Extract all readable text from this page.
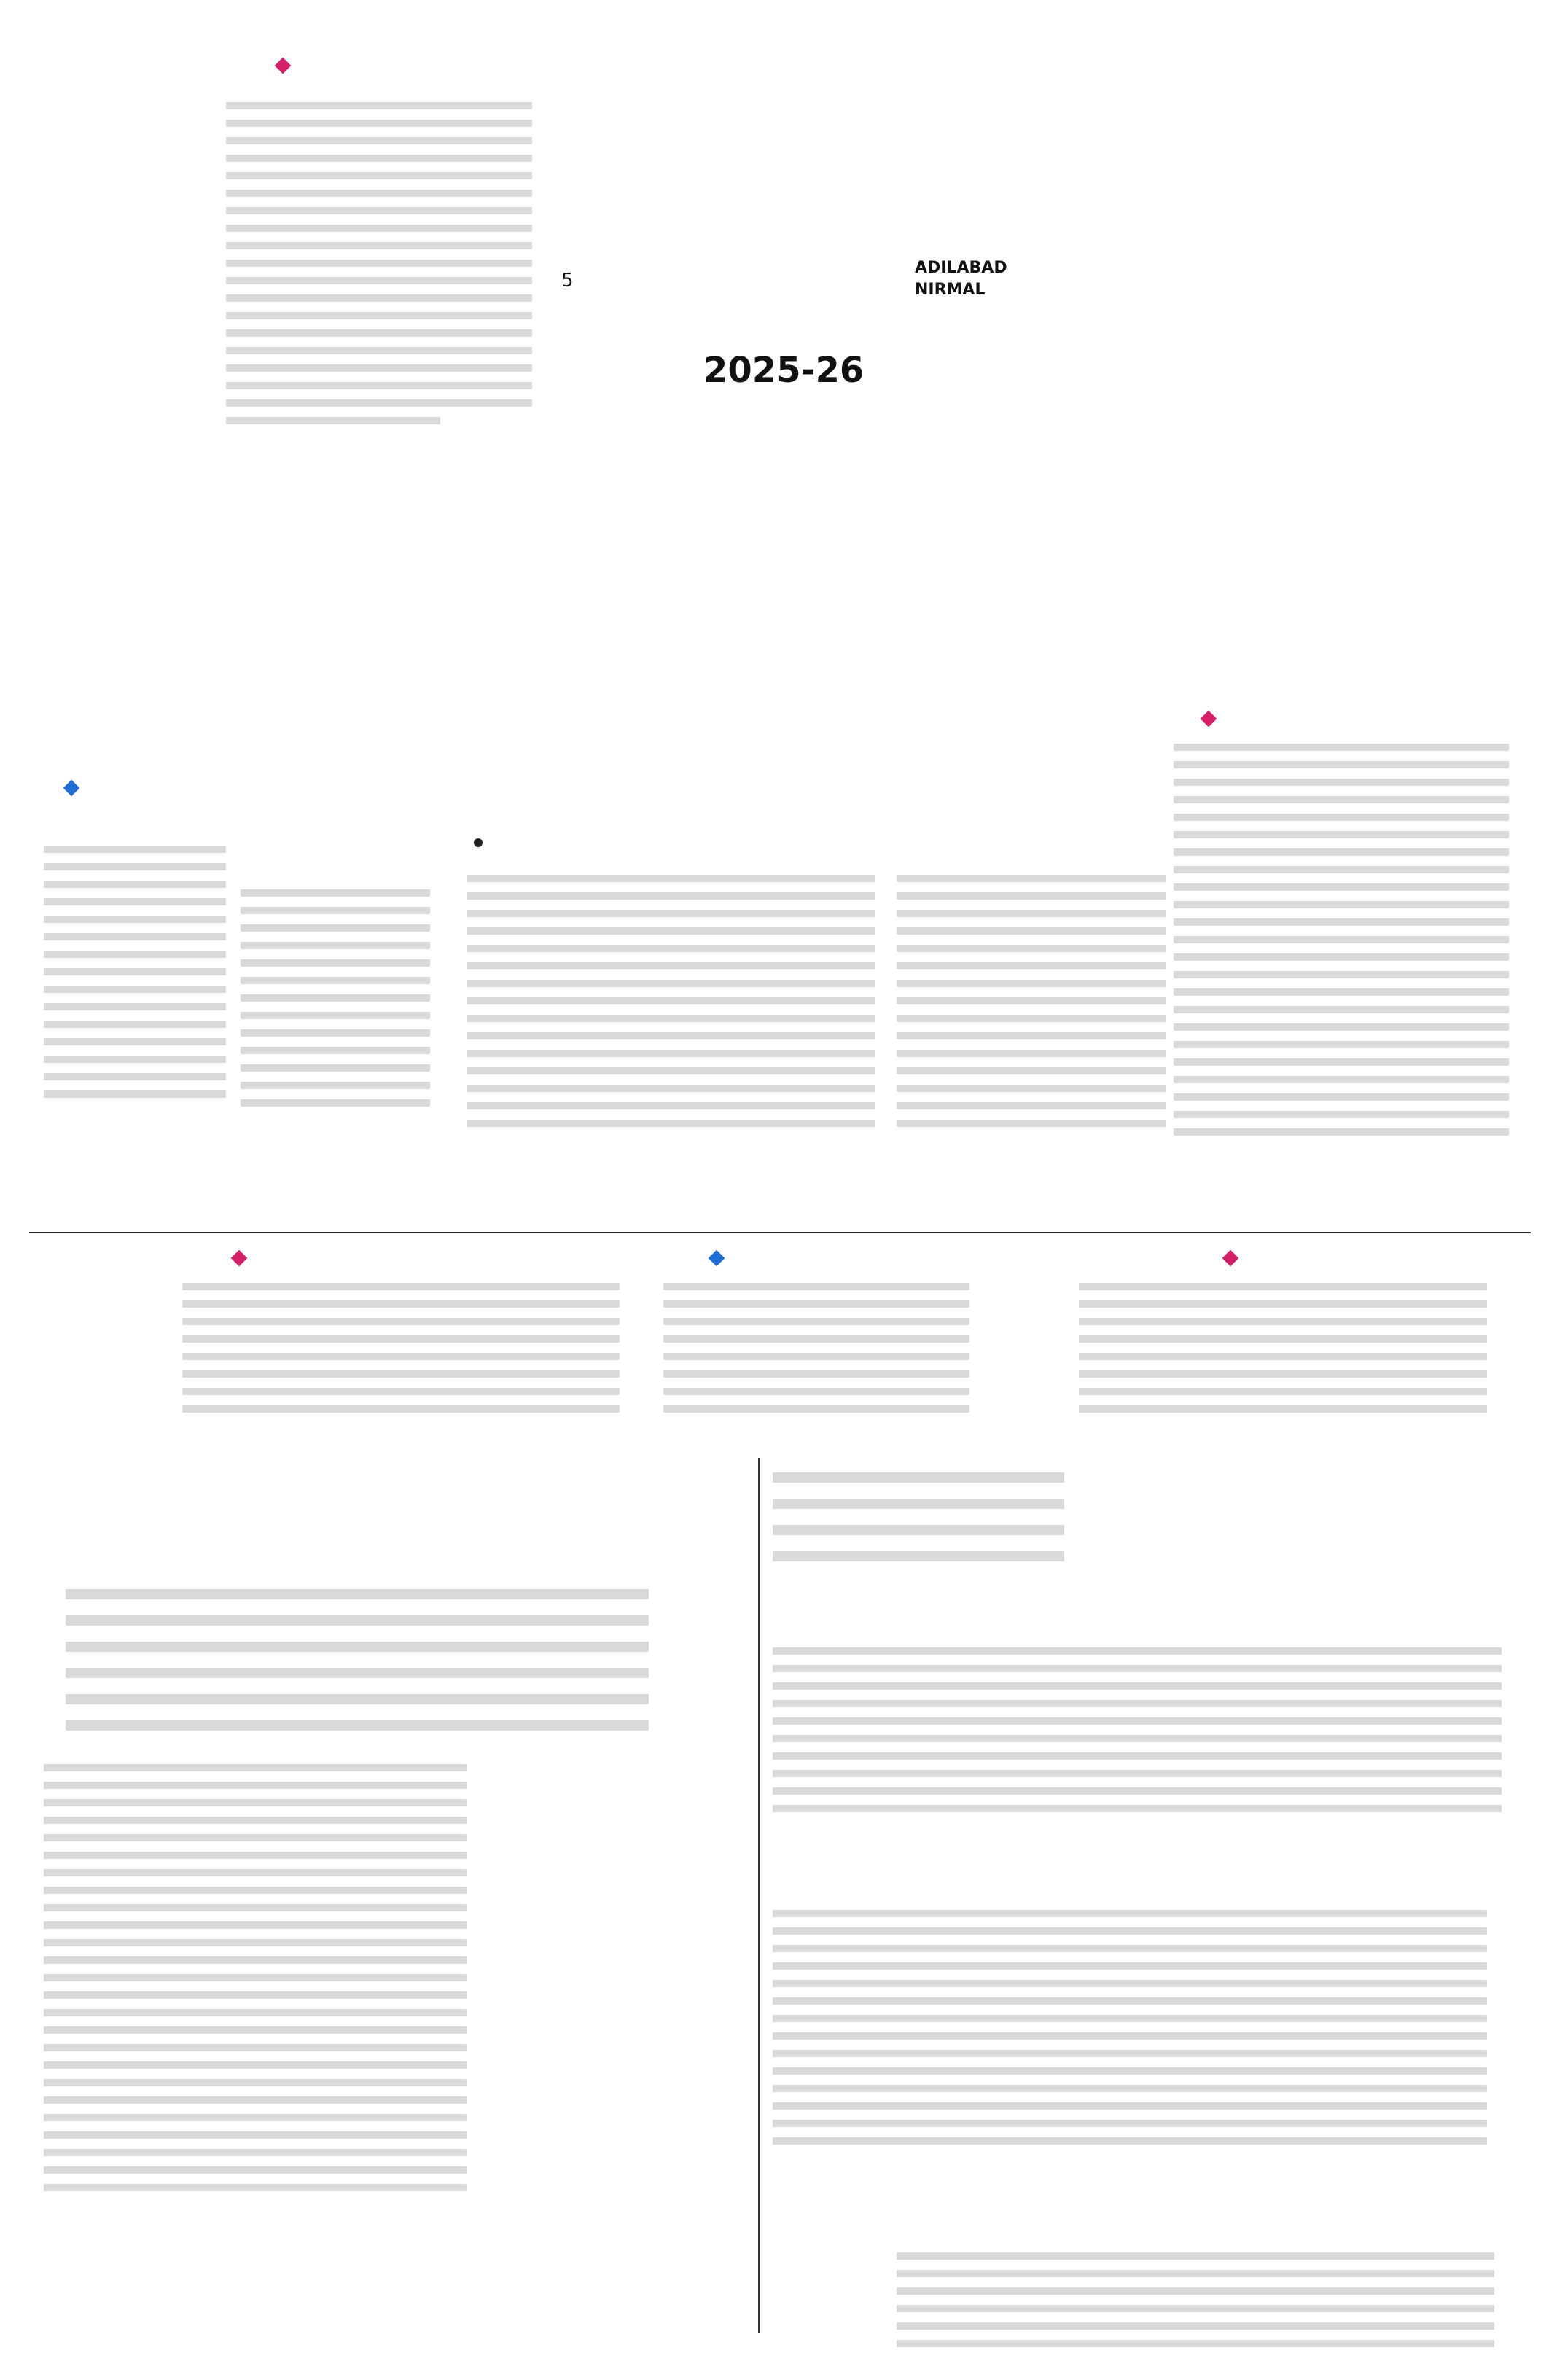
5
ADILABAD
NIRMAL
2025-26
